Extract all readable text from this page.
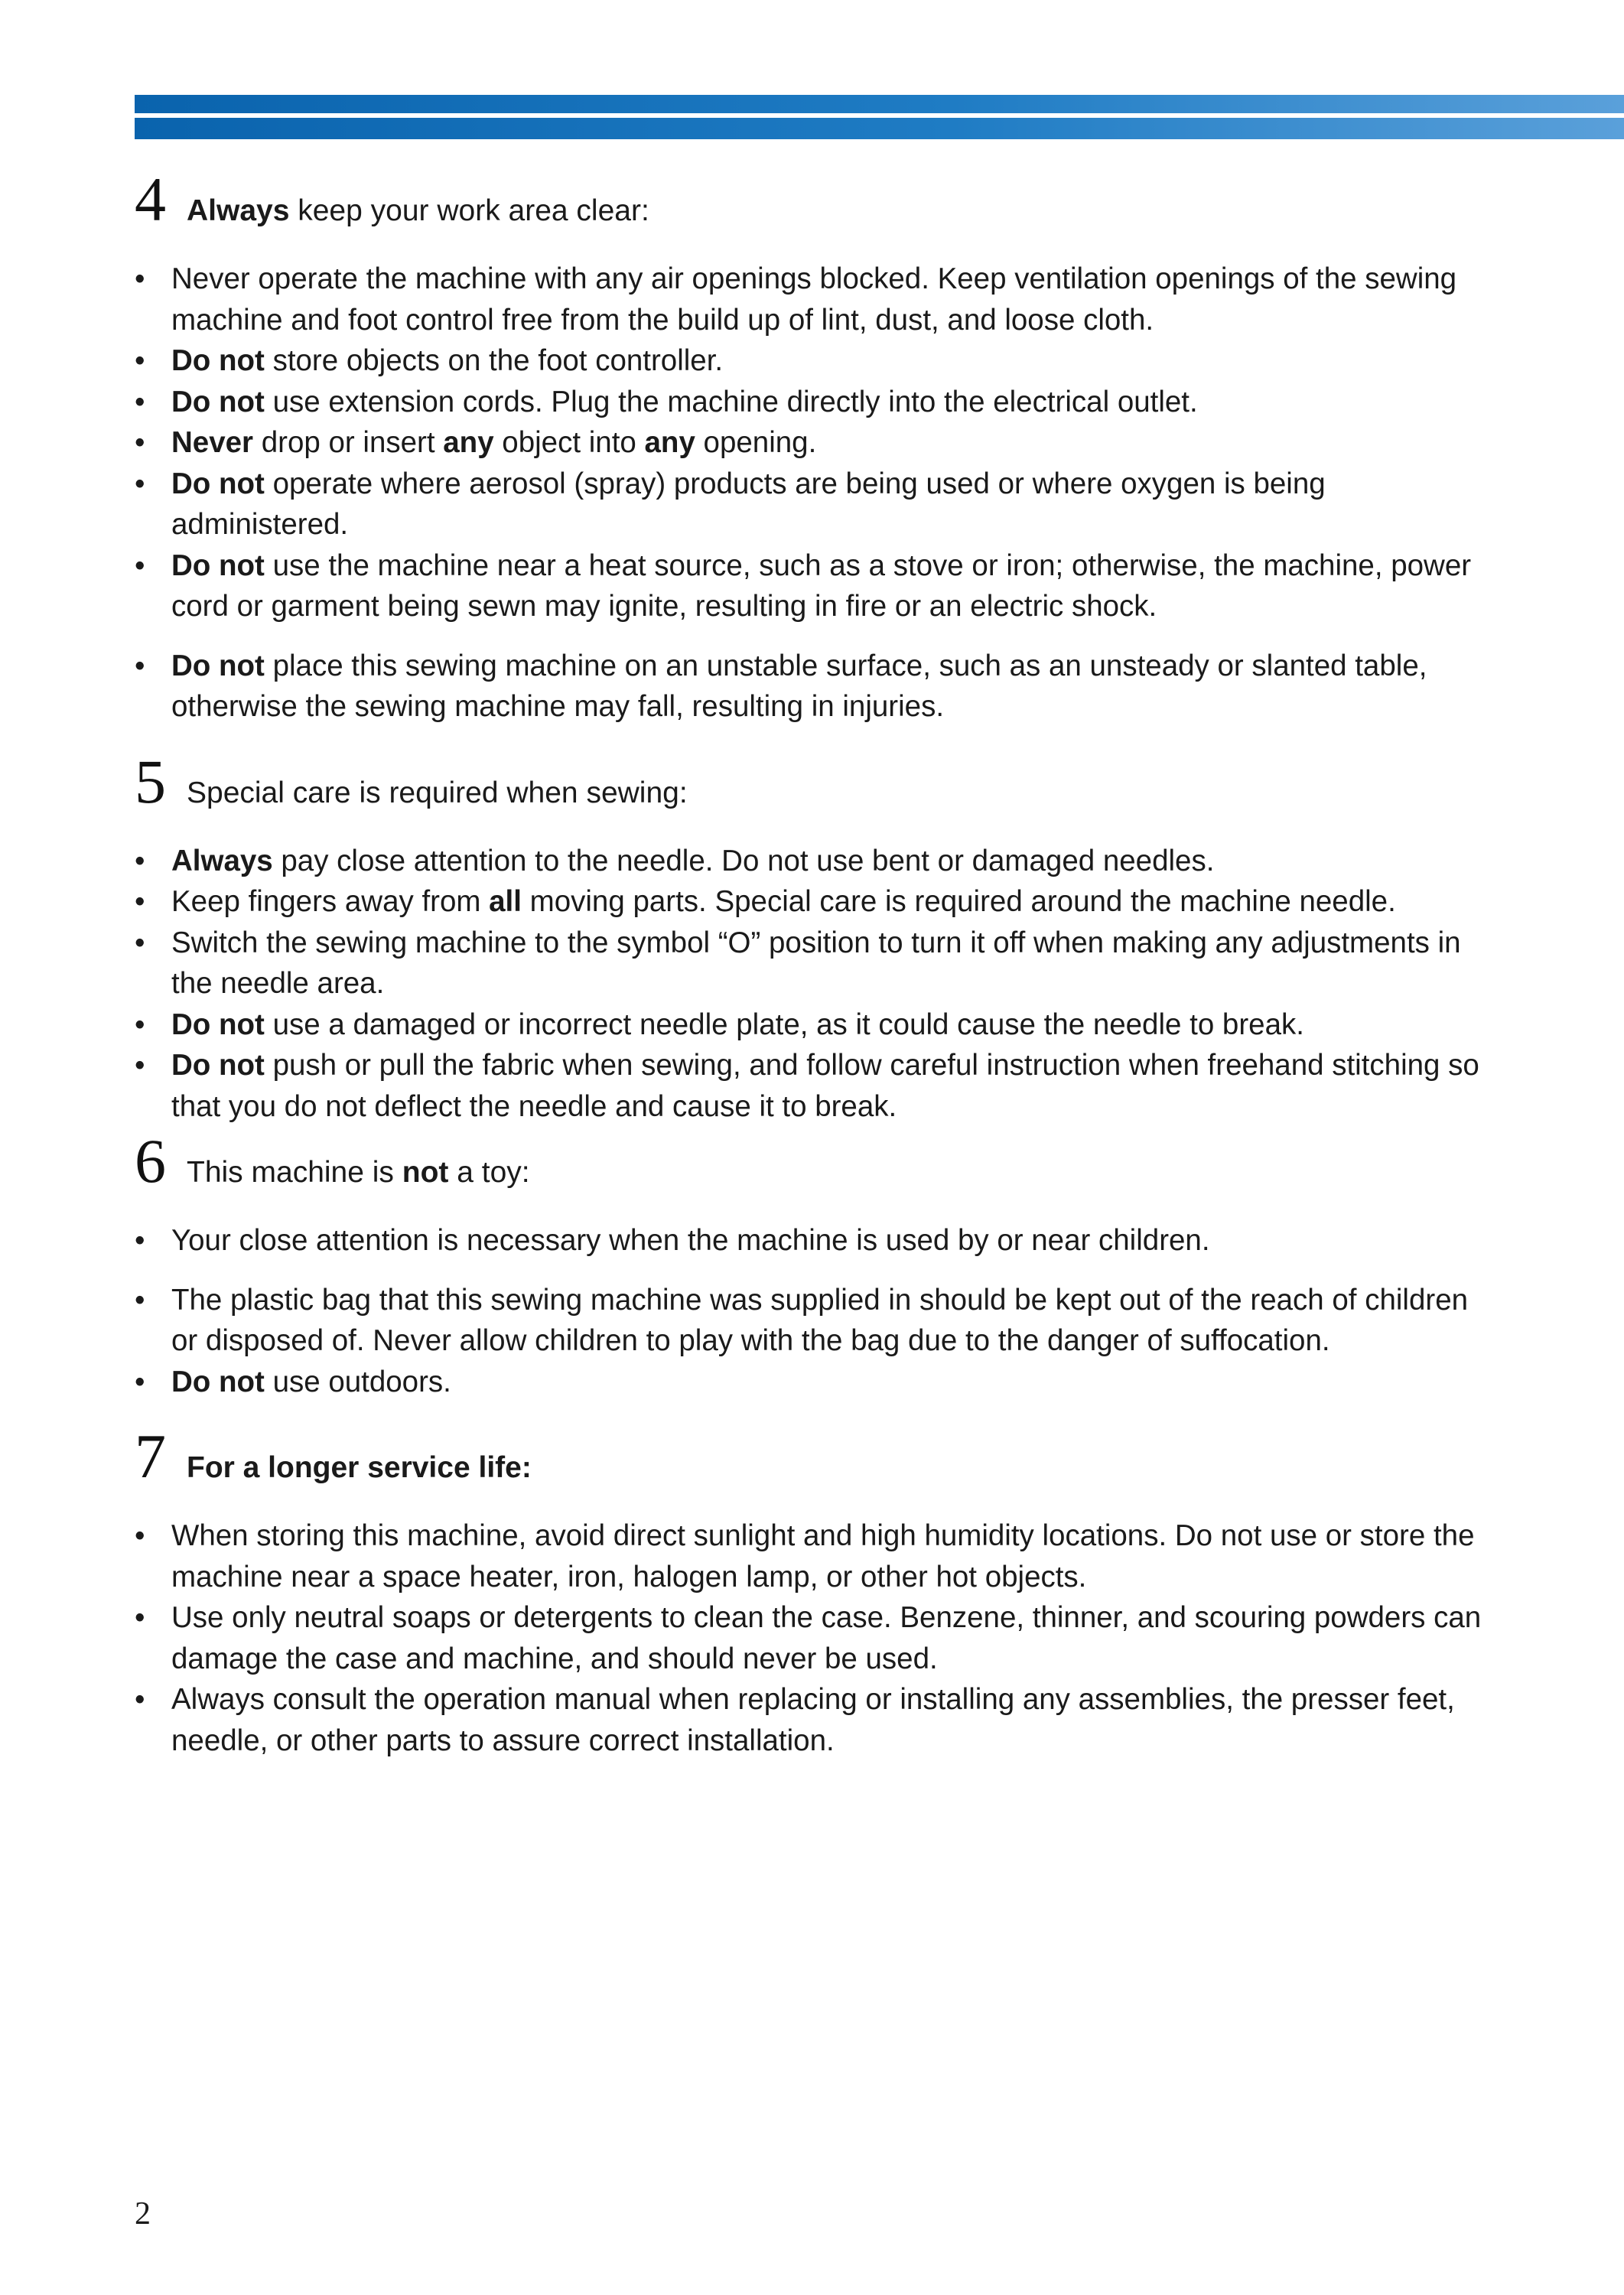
4 Always keep your work area clear:
• Never operate the machine with any air openings blocked. Keep ventilation openings of the sewing machine and foot control free from the build up of lint, dust, and loose cloth.
• Do not store objects on the foot controller.
• Do not use extension cords. Plug the machine directly into the electrical outlet.
• Never drop or insert any object into any opening.
• Do not operate where aerosol (spray) products are being used or where oxygen is being administered.
• Do not use the machine near a heat source, such as a stove or iron; otherwise, the machine, power cord or garment being sewn may ignite, resulting in fire or an electric shock.
• Do not place this sewing machine on an unstable surface, such as an unsteady or slanted table, otherwise the sewing machine may fall, resulting in injuries.
5 Special care is required when sewing:
• Always pay close attention to the needle. Do not use bent or damaged needles.
• Keep fingers away from all moving parts. Special care is required around the machine needle.
• Switch the sewing machine to the symbol “O” position to turn it off when making any adjustments in the needle area.
• Do not use a damaged or incorrect needle plate, as it could cause the needle to break.
• Do not push or pull the fabric when sewing, and follow careful instruction when freehand stitching so that you do not deflect the needle and cause it to break.
6 This machine is not a toy:
• Your close attention is necessary when the machine is used by or near children.
• The plastic bag that this sewing machine was supplied in should be kept out of the reach of children or disposed of. Never allow children to play with the bag due to the danger of suffocation.
• Do not use outdoors.
7 For a longer service life:
• When storing this machine, avoid direct sunlight and high humidity locations. Do not use or store the machine near a space heater, iron, halogen lamp, or other hot objects.
• Use only neutral soaps or detergents to clean the case. Benzene, thinner, and scouring powders can damage the case and machine, and should never be used.
• Always consult the operation manual when replacing or installing any assemblies, the presser feet, needle, or other parts to assure correct installation.
2
